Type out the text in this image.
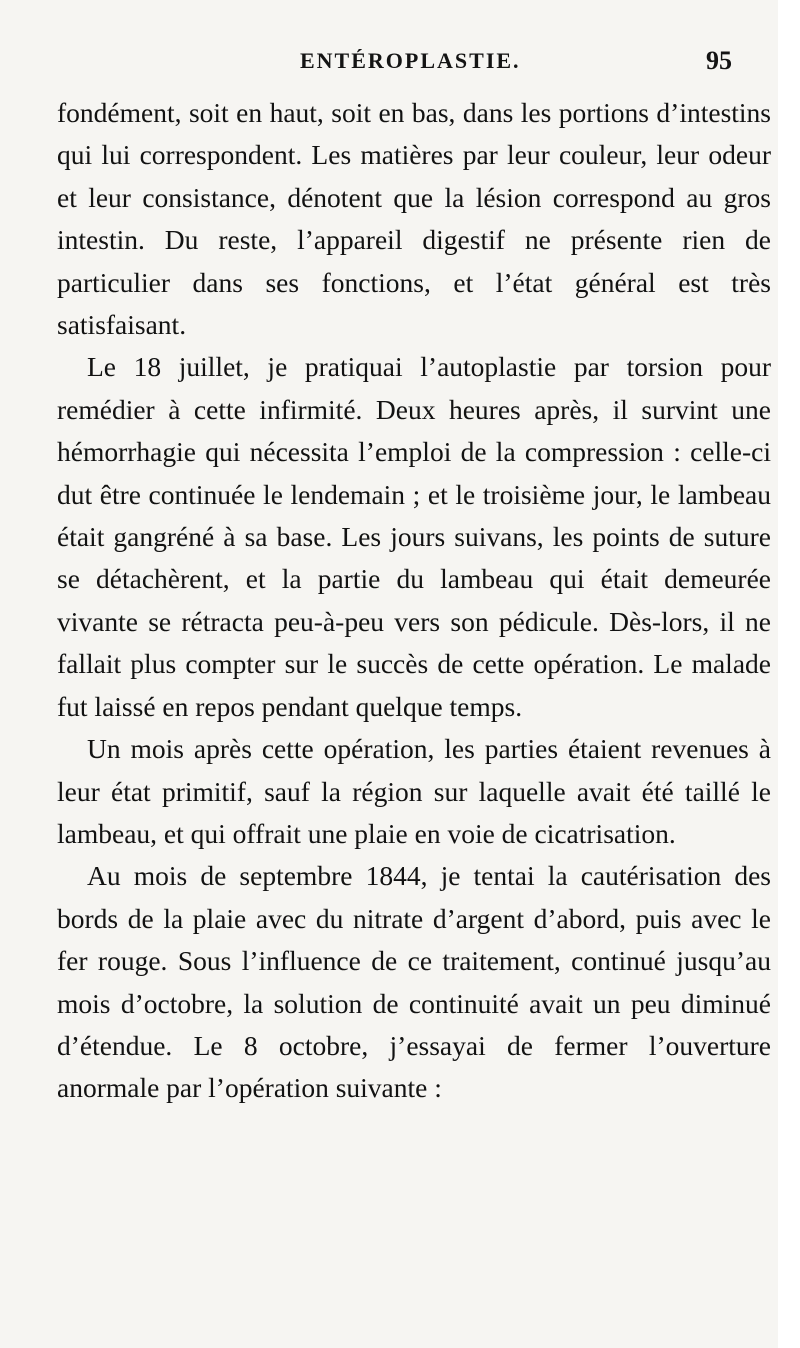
ENTÉROPLASTIE.	95

fondément, soit en haut, soit en bas, dans les portions d’intestins qui lui correspondent. Les matières par leur couleur, leur odeur et leur consistance, dénotent que la lésion correspond au gros intestin. Du reste, l’appareil digestif ne présente rien de particulier dans ses fonctions, et l’état général est très satisfaisant.

Le 18 juillet, je pratiquai l’autoplastie par torsion pour remédier à cette infirmité. Deux heures après, il survint une hémorrhagie qui nécessita l’emploi de la compression : celle-ci dut être continuée le lendemain ; et le troisième jour, le lambeau était gangréné à sa base. Les jours suivans, les points de suture se détachèrent, et la partie du lambeau qui était demeurée vivante se rétracta peu-à-peu vers son pédicule. Dès-lors, il ne fallait plus compter sur le succès de cette opération. Le malade fut laissé en repos pendant quelque temps.

Un mois après cette opération, les parties étaient revenues à leur état primitif, sauf la région sur laquelle avait été taillé le lambeau, et qui offrait une plaie en voie de cicatrisation.

Au mois de septembre 1844, je tentai la cautérisation des bords de la plaie avec du nitrate d’argent d’abord, puis avec le fer rouge. Sous l’influence de ce traitement, continué jusqu’au mois d’octobre, la solution de continuité avait un peu diminué d’étendue. Le 8 octobre, j’essayai de fermer l’ouverture anormale par l’opération suivante :
